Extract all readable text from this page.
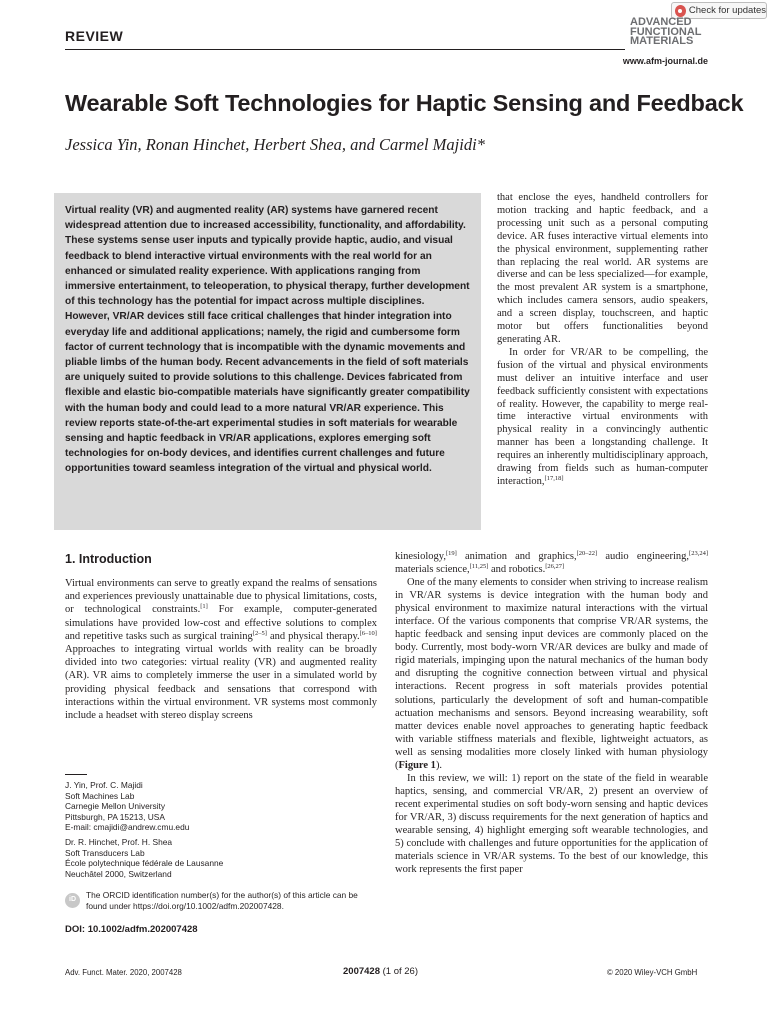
Check for updates
REVIEW
ADVANCED
FUNCTIONAL
MATERIALS
www.afm-journal.de
Wearable Soft Technologies for Haptic Sensing and Feedback
Jessica Yin, Ronan Hinchet, Herbert Shea, and Carmel Majidi*
Virtual reality (VR) and augmented reality (AR) systems have garnered recent widespread attention due to increased accessibility, functionality, and affordability. These systems sense user inputs and typically provide haptic, audio, and visual feedback to blend interactive virtual environments with the real world for an enhanced or simulated reality experience. With applications ranging from immersive entertainment, to teleoperation, to physical therapy, further development of this technology has the potential for impact across multiple disciplines. However, VR/AR devices still face critical challenges that hinder integration into everyday life and additional applications; namely, the rigid and cumbersome form factor of current technology that is incompatible with the dynamic movements and pliable limbs of the human body. Recent advancements in the field of soft materials are uniquely suited to provide solutions to this challenge. Devices fabricated from flexible and elastic bio-compatible materials have significantly greater compatibility with the human body and could lead to a more natural VR/AR experience. This review reports state-of-the-art experimental studies in soft materials for wearable sensing and haptic feedback in VR/AR applications, explores emerging soft technologies for on-body devices, and identifies current challenges and future opportunities toward seamless integration of the virtual and physical world.

that enclose the eyes, handheld controllers for motion tracking and haptic feedback, and a processing unit such as a personal computing device. AR fuses interactive virtual elements into the physical environment, supplementing rather than replacing the real world. AR systems are diverse and can be less specialized—for example, the most prevalent AR system is a smartphone, which includes camera sensors, audio speakers, and a screen display, touchscreen, and haptic motor but offers functionalities beyond generating AR.

In order for VR/AR to be compelling, the fusion of the virtual and physical environments must deliver an intuitive interface and user feedback sufficiently consistent with expectations of reality. However, the capability to merge real-time interactive virtual environments with physical reality in a convincingly authentic manner has been a longstanding challenge. It requires an inherently multidisciplinary approach, drawing from fields such as human-computer interaction,[17,18]

1. Introduction

Virtual environments can serve to greatly expand the realms of sensations and experiences previously unattainable due to physical limitations, costs, or technological constraints.[1] For example, computer-generated simulations have provided low-cost and effective solutions to complex and repetitive tasks such as surgical training[2–5] and physical therapy.[6–10] Approaches to integrating virtual worlds with reality can be broadly divided into two categories: virtual reality (VR) and augmented reality (AR). VR aims to completely immerse the user in a simulated world by providing physical feedback and sensations that correspond with interactions within the virtual environment. VR systems most commonly include a headset with stereo display screens

kinesiology,[19] animation and graphics,[20–22] audio engineering,[23,24] materials science,[11,25] and robotics.[26,27]

One of the many elements to consider when striving to increase realism in VR/AR systems is device integration with the human body and physical environment to maximize natural interactions with the virtual interface. Of the various components that comprise VR/AR systems, the haptic feedback and sensing input devices are commonly placed on the body. Currently, most body-worn VR/AR devices are bulky and made of rigid materials, impinging upon the natural mechanics of the human body and disrupting the cognitive connection between virtual and physical interactions. Recent progress in soft materials provides potential solutions, particularly the development of soft and human-compatible actuation mechanisms and sensors. Beyond increasing wearability, soft matter devices enable novel approaches to generating haptic feedback with variable stiffness materials and flexible, lightweight actuators, as well as sensing modalities more closely linked with human physiology (Figure 1).

In this review, we will: 1) report on the state of the field in wearable haptics, sensing, and commercial VR/AR, 2) present an overview of recent experimental studies on soft body-worn sensing and haptic devices for VR/AR, 3) discuss requirements for the next generation of haptics and wearable sensing, 4) highlight emerging soft wearable technologies, and 5) conclude with challenges and future opportunities for the application of materials science in VR/AR systems. To the best of our knowledge, this work represents the first paper

J. Yin, Prof. C. Majidi
Soft Machines Lab
Carnegie Mellon University
Pittsburgh, PA 15213, USA
E-mail: cmajidi@andrew.cmu.edu
Dr. R. Hinchet, Prof. H. Shea
Soft Transducers Lab
École polytechnique fédérale de Lausanne
Neuchâtel 2000, Switzerland
iD	The ORCID identification number(s) for the author(s) of this article can be found under https://doi.org/10.1002/adfm.202007428.
DOI: 10.1002/adfm.202007428
Adv. Funct. Mater. 2020, 2007428	2007428 (1 of 26)	© 2020 Wiley-VCH GmbH
